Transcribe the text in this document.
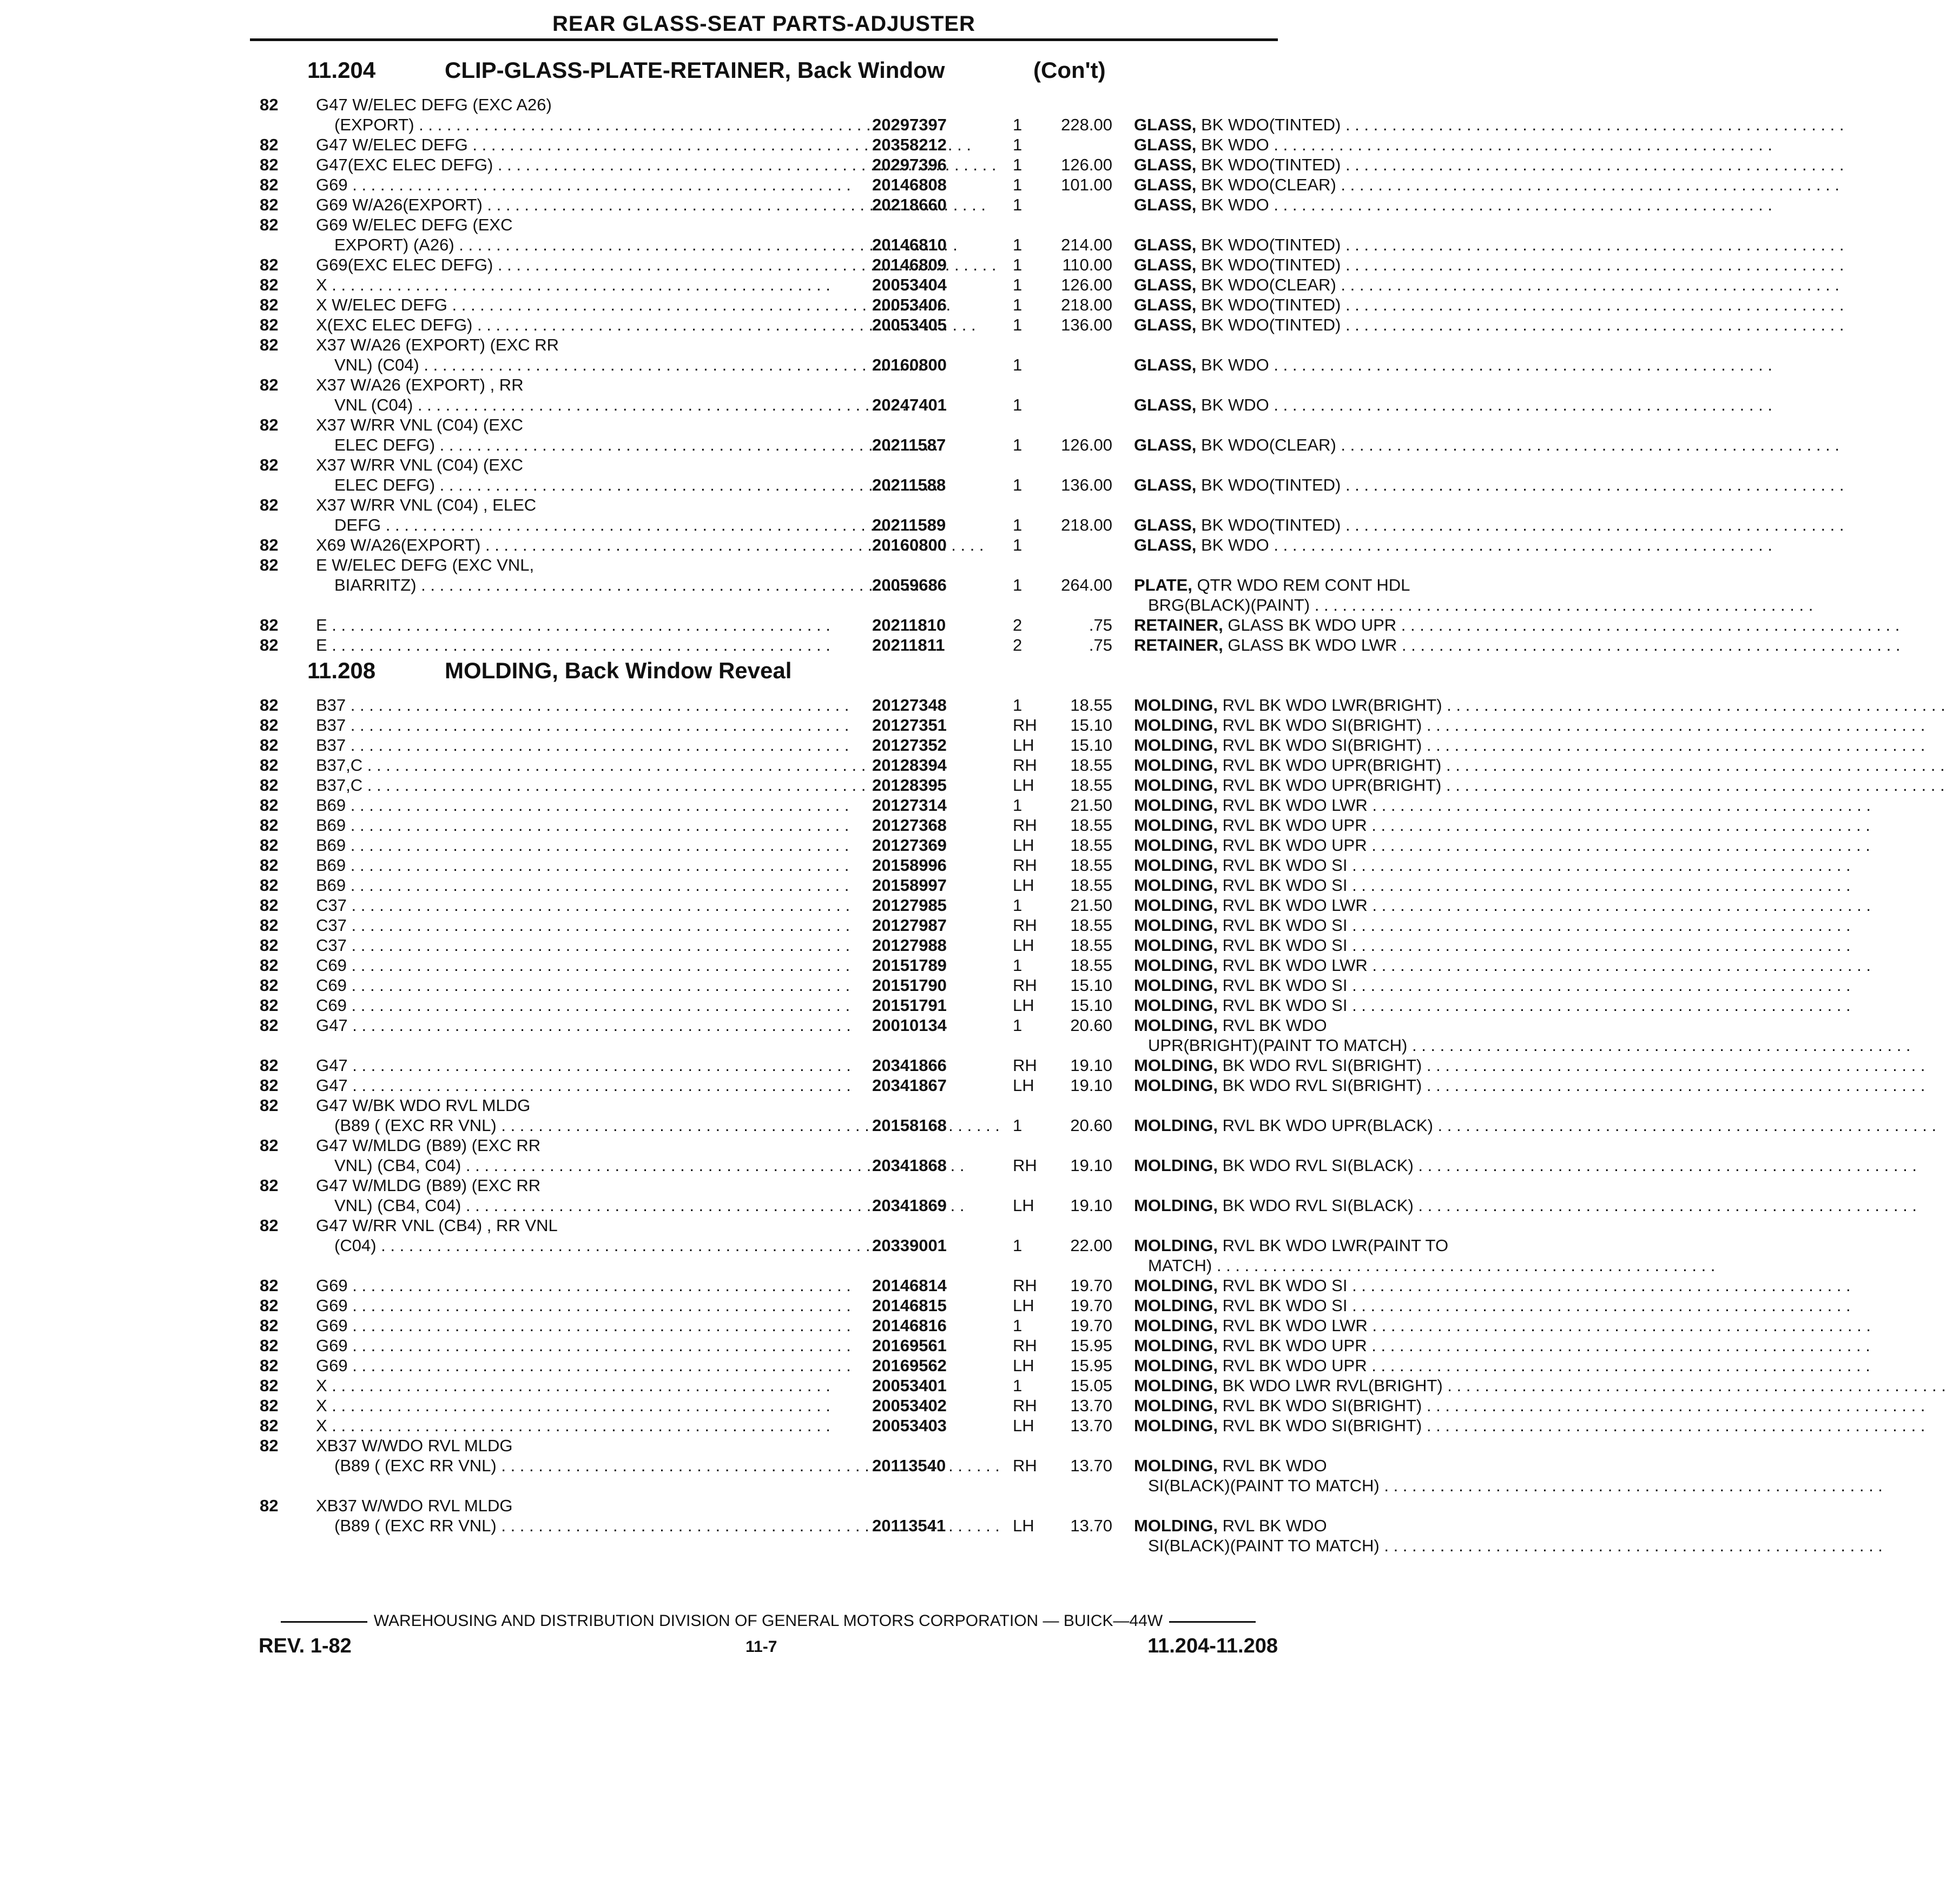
REAR GLASS-SEAT PARTS-ADJUSTER
11.204	CLIP-GLASS-PLATE-RETAINER, Back Window	(Con't)
82 G47 W/ELEC DEFG (EXC A26)
(EXPORT) . . .	20297397	1	228.00 GLASS, BK WDO(TINTED) . . .
82 G47 W/ELEC DEFG . . .	20358212	1	GLASS, BK WDO . . .
82 G47(EXC ELEC DEFG) . . .	20297396	1	126.00 GLASS, BK WDO(TINTED) . . .
82 G69 . . .	20146808	1	101.00 GLASS, BK WDO(CLEAR) . . .
82 G69 W/A26(EXPORT) . . .	20218660	1	GLASS, BK WDO . . .
82 G69 W/ELEC DEFG (EXC
EXPORT) (A26) . . .	20146810	1	214.00 GLASS, BK WDO(TINTED) . . .
82 G69(EXC ELEC DEFG) . . .	20146809	1	110.00 GLASS, BK WDO(TINTED) . . .
82 X . . .	20053404	1	126.00 GLASS, BK WDO(CLEAR) . . .
82 X W/ELEC DEFG . . .	20053406	1	218.00 GLASS, BK WDO(TINTED) . . .
82 X(EXC ELEC DEFG) . . .	20053405	1	136.00 GLASS, BK WDO(TINTED) . . .
82 X37 W/A26 (EXPORT) (EXC RR
VNL) (C04) . . .	20160800	1	GLASS, BK WDO . . .
82 X37 W/A26 (EXPORT) , RR
VNL (C04) . . .	20247401	1	GLASS, BK WDO . . .
82 X37 W/RR VNL (C04) (EXC
ELEC DEFG) . . .	20211587	1	126.00 GLASS, BK WDO(CLEAR) . . .
82 X37 W/RR VNL (C04) (EXC
ELEC DEFG) . . .	20211588	1	136.00 GLASS, BK WDO(TINTED) . . .
82 X37 W/RR VNL (C04) , ELEC
DEFG . . .	20211589	1	218.00 GLASS, BK WDO(TINTED) . . .
82 X69 W/A26(EXPORT) . . .	20160800	1	GLASS, BK WDO . . .
82 E W/ELEC DEFG (EXC VNL,
BIARRITZ) . . .	20059686	1	264.00 PLATE, QTR WDO REM CONT HDL
BRG(BLACK)(PAINT) . . .
82 E . . .	20211810	2	.75 RETAINER, GLASS BK WDO UPR . . .
82 E . . .	20211811	2	.75 RETAINER, GLASS BK WDO LWR . . .
11.208	MOLDING, Back Window Reveal
82 B37 . . .	20127348	1	18.55 MOLDING, RVL BK WDO LWR(BRIGHT) . . .
82 B37 . . .	20127351	RH	15.10 MOLDING, RVL BK WDO SI(BRIGHT) . . .
82 B37 . . .	20127352	LH	15.10 MOLDING, RVL BK WDO SI(BRIGHT) . . .
82 B37,C . . .	20128394	RH	18.55 MOLDING, RVL BK WDO UPR(BRIGHT) . . .
82 B37,C . . .	20128395	LH	18.55 MOLDING, RVL BK WDO UPR(BRIGHT) . . .
82 B69 . . .	20127314	1	21.50 MOLDING, RVL BK WDO LWR . . .
82 B69 . . .	20127368	RH	18.55 MOLDING, RVL BK WDO UPR . . .
82 B69 . . .	20127369	LH	18.55 MOLDING, RVL BK WDO UPR . . .
82 B69 . . .	20158996	RH	18.55 MOLDING, RVL BK WDO SI . . .
82 B69 . . .	20158997	LH	18.55 MOLDING, RVL BK WDO SI . . .
82 C37 . . .	20127985	1	21.50 MOLDING, RVL BK WDO LWR . . .
82 C37 . . .	20127987	RH	18.55 MOLDING, RVL BK WDO SI . . .
82 C37 . . .	20127988	LH	18.55 MOLDING, RVL BK WDO SI . . .
82 C69 . . .	20151789	1	18.55 MOLDING, RVL BK WDO LWR . . .
82 C69 . . .	20151790	RH	15.10 MOLDING, RVL BK WDO SI . . .
82 C69 . . .	20151791	LH	15.10 MOLDING, RVL BK WDO SI . . .
82 G47 . . .	20010134	1	20.60 MOLDING, RVL BK WDO
UPR(BRIGHT)(PAINT TO MATCH) . . .
82 G47 . . .	20341866	RH	19.10 MOLDING, BK WDO RVL SI(BRIGHT) . . .
82 G47 . . .	20341867	LH	19.10 MOLDING, BK WDO RVL SI(BRIGHT) . . .
82 G47 W/BK WDO RVL MLDG
(B89 ( (EXC RR VNL) . . .	20158168	1	20.60 MOLDING, RVL BK WDO UPR(BLACK) . . .
82 G47 W/MLDG (B89) (EXC RR
VNL) (CB4, C04) . . .	20341868	RH	19.10 MOLDING, BK WDO RVL SI(BLACK) . . .
82 G47 W/MLDG (B89) (EXC RR
VNL) (CB4, C04) . . .	20341869	LH	19.10 MOLDING, BK WDO RVL SI(BLACK) . . .
82 G47 W/RR VNL (CB4) , RR VNL
(C04) . . .	20339001	1	22.00 MOLDING, RVL BK WDO LWR(PAINT TO
MATCH) . . .
82 G69 . . .	20146814	RH	19.70 MOLDING, RVL BK WDO SI . . .
82 G69 . . .	20146815	LH	19.70 MOLDING, RVL BK WDO SI . . .
82 G69 . . .	20146816	1	19.70 MOLDING, RVL BK WDO LWR . . .
82 G69 . . .	20169561	RH	15.95 MOLDING, RVL BK WDO UPR . . .
82 G69 . . .	20169562	LH	15.95 MOLDING, RVL BK WDO UPR . . .
82 X . . .	20053401	1	15.05 MOLDING, BK WDO LWR RVL(BRIGHT) . . .
82 X . . .	20053402	RH	13.70 MOLDING, RVL BK WDO SI(BRIGHT) . . .
82 X . . .	20053403	LH	13.70 MOLDING, RVL BK WDO SI(BRIGHT) . . .
82 XB37 W/WDO RVL MLDG
(B89 ( (EXC RR VNL) . . .	20113540	RH	13.70 MOLDING, RVL BK WDO
SI(BLACK)(PAINT TO MATCH) . . .
82 XB37 W/WDO RVL MLDG
(B89 ( (EXC RR VNL) . . .	20113541	LH	13.70 MOLDING, RVL BK WDO
SI(BLACK)(PAINT TO MATCH) . . .
WAREHOUSING AND DISTRIBUTION DIVISION OF GENERAL MOTORS CORPORATION — BUICK—44W
REV. 1-82	11-7	11.204-11.208
